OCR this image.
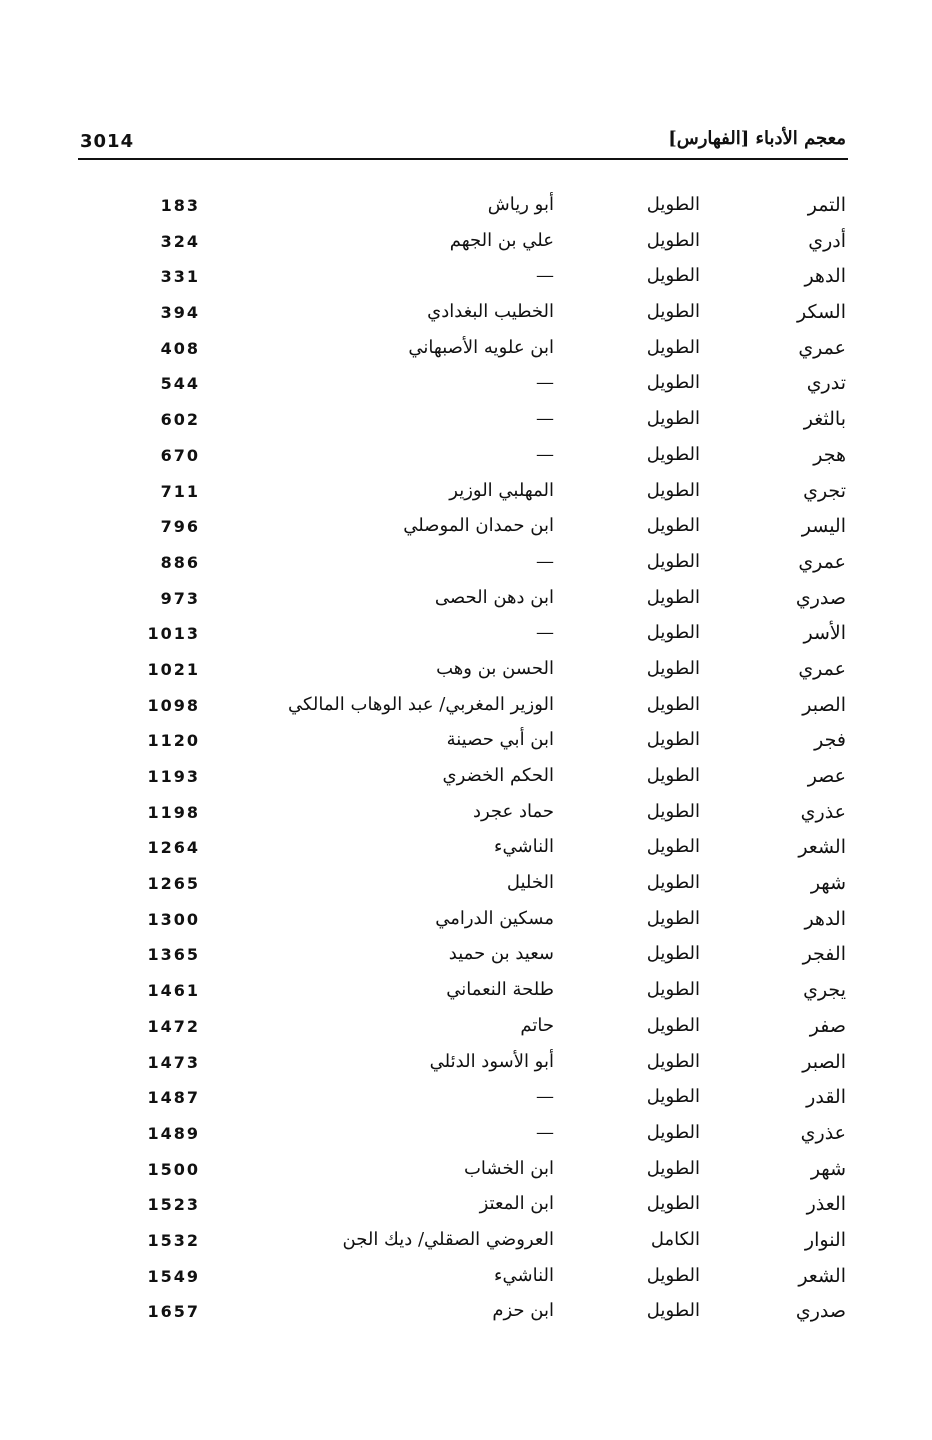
معجم الأدباء [الفهارس]
3014
التمر
الطويل
أبو رياش
183
أدري
الطويل
علي بن الجهم
324
الدهر
الطويل
—
331
السكر
الطويل
الخطيب البغدادي
394
عمري
الطويل
ابن علويه الأصبهاني
408
تدري
الطويل
—
544
بالثغر
الطويل
—
602
هجر
الطويل
—
670
تجري
الطويل
المهلبي الوزير
711
اليسر
الطويل
ابن حمدان الموصلي
796
عمري
الطويل
—
886
صدري
الطويل
ابن دهن الحصى
973
الأسر
الطويل
—
1013
عمري
الطويل
الحسن بن وهب
1021
الصبر
الطويل
الوزير المغربي/ عبد الوهاب المالكي
1098
فجر
الطويل
ابن أبي حصينة
1120
عصر
الطويل
الحكم الخضري
1193
عذري
الطويل
حماد عجرد
1198
الشعر
الطويل
الناشيء
1264
شهر
الطويل
الخليل
1265
الدهر
الطويل
مسكين الدرامي
1300
الفجر
الطويل
سعيد بن حميد
1365
يجري
الطويل
طلحة النعماني
1461
صفر
الطويل
حاتم
1472
الصبر
الطويل
أبو الأسود الدئلي
1473
القدر
الطويل
—
1487
عذري
الطويل
—
1489
شهر
الطويل
ابن الخشاب
1500
العذر
الطويل
ابن المعتز
1523
النوار
الكامل
العروضي الصقلي/ ديك الجن
1532
الشعر
الطويل
الناشيء
1549
صدري
الطويل
ابن حزم
1657
